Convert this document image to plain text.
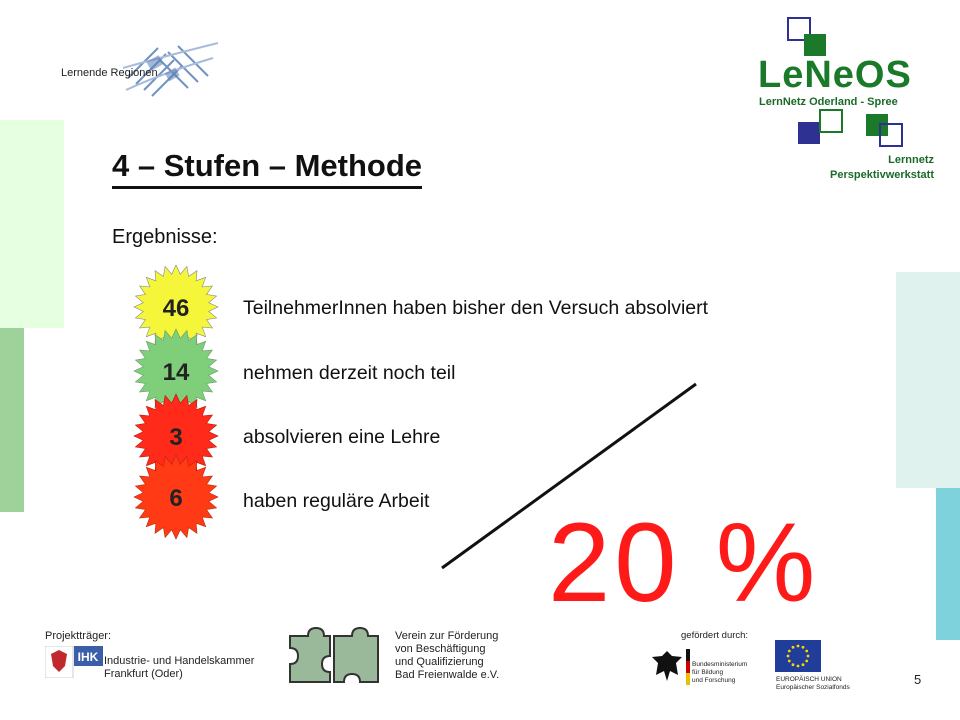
Lernende Regionen	LeNeOS
LernNetz Oderland - Spree
Lernnetz
Perspektivwerkstatt
4 – Stufen – Methode
Ergebnisse:
46
14
3
6
TeilnehmerInnen haben bisher den Versuch absolviert
nehmen derzeit noch teil
absolvieren eine Lehre
haben reguläre Arbeit 20 %
Projektträger:
IHK Industrie- und Handelskammer
Frankfurt (Oder)
Verein zur Förderung
von Beschäftigung
und Qualifizierung
Bad Freienwalde e.V.
gefördert durch:
Bundesministerium
für Bildung
und Forschung	EUROPÄISCH UNION
Europäischer Sozialfonds
5
